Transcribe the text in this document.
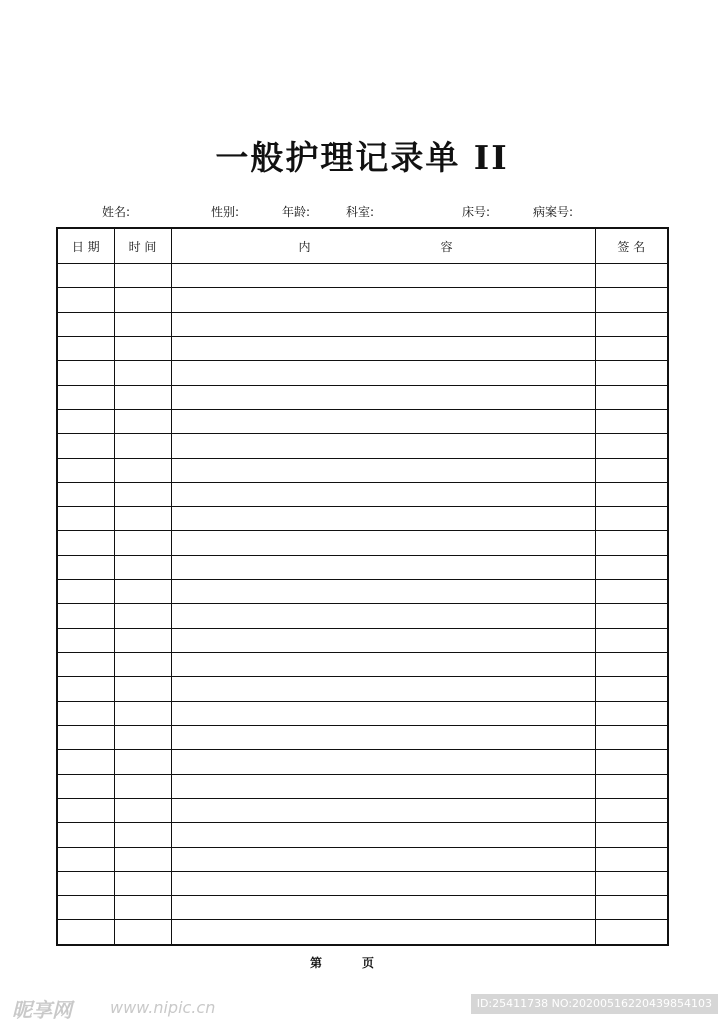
一般护理记录单 II
姓名:	性别:	年龄:	科室:	床号:	病案号:
日 期	时 间	内 容	签 名

第	页
昵享网 www.nipic.cn	ID:25411738 NO:20200516220439854103
